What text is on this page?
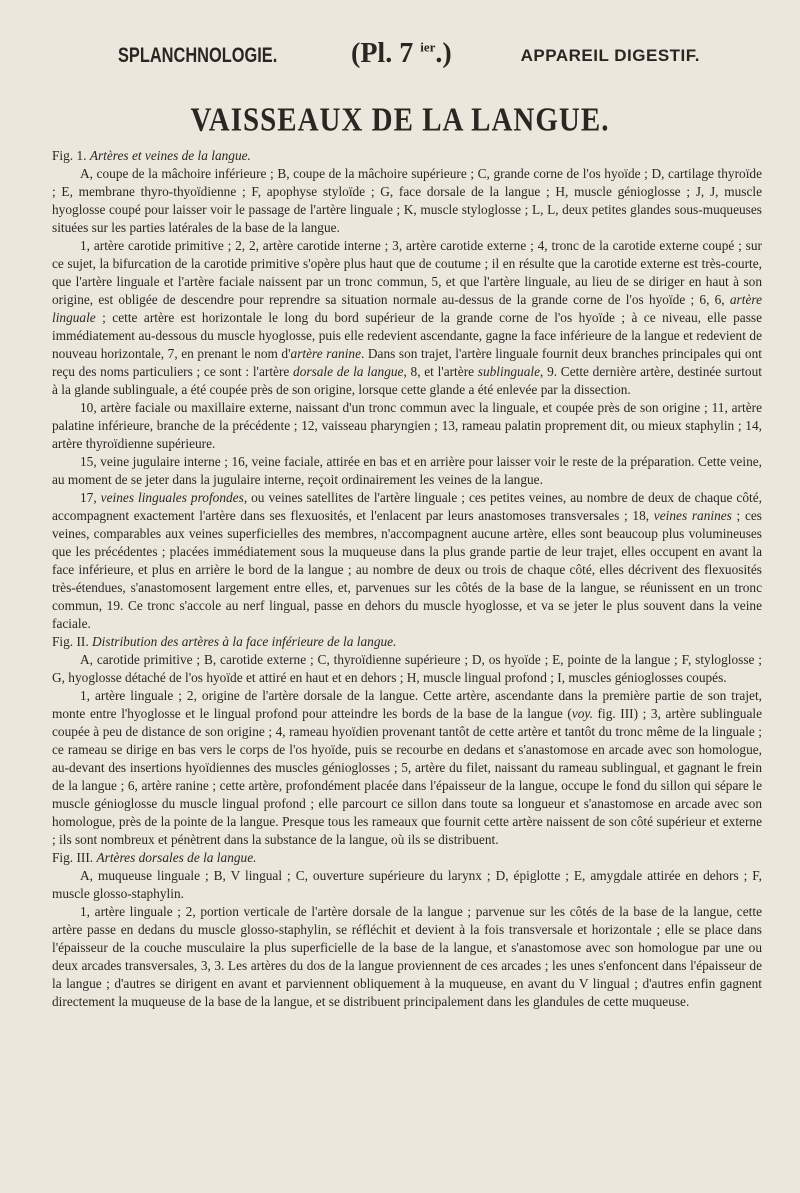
SPLANCHNOLOGIE.	(Pl. 7 $^{ier}$.)	APPAREIL DIGESTIF.
VAISSEAUX DE LA LANGUE.

Fig. 1. Artères et veines de la langue.

A, coupe de la mâchoire inférieure ; B, coupe de la mâchoire supérieure ; C, grande corne de l'os hyoïde ; D, cartilage thyroïde ; E, membrane thyro-thyoïdienne ; F, apophyse styloïde ; G, face dorsale de la langue ; H, muscle génioglosse ; J, J, muscle hyoglosse coupé pour laisser voir le passage de l'artère linguale ; K, muscle styloglosse ; L, L, deux petites glandes sous-muqueuses situées sur les parties latérales de la base de la langue.

1, artère carotide primitive ; 2, 2, artère carotide interne ; 3, artère carotide externe ; 4, tronc de la carotide externe coupé ; sur ce sujet, la bifurcation de la carotide primitive s'opère plus haut que de coutume ; il en résulte que la carotide externe est très-courte, que l'artère linguale et l'artère faciale naissent par un tronc commun, 5, et que l'artère linguale, au lieu de se diriger en haut à son origine, est obligée de descendre pour reprendre sa situation normale au-dessus de la grande corne de l'os hyoïde ; 6, 6, artère linguale ; cette artère est horizontale le long du bord supérieur de la grande corne de l'os hyoïde ; à ce niveau, elle passe immédiatement au-dessous du muscle hyoglosse, puis elle redevient ascendante, gagne la face inférieure de la langue et redevient de nouveau horizontale, 7, en prenant le nom d'artère ranine. Dans son trajet, l'artère linguale fournit deux branches principales qui ont reçu des noms particuliers ; ce sont : l'artère dorsale de la langue, 8, et l'artère sublinguale, 9. Cette dernière artère, destinée surtout à la glande sublinguale, a été coupée près de son origine, lorsque cette glande a été enlevée par la dissection.

10, artère faciale ou maxillaire externe, naissant d'un tronc commun avec la linguale, et coupée près de son origine ; 11, artère palatine inférieure, branche de la précédente ; 12, vaisseau pharyngien ; 13, rameau palatin proprement dit, ou mieux staphylin ; 14, artère thyroïdienne supérieure.

15, veine jugulaire interne ; 16, veine faciale, attirée en bas et en arrière pour laisser voir le reste de la préparation. Cette veine, au moment de se jeter dans la jugulaire interne, reçoit ordinairement les veines de la langue.

17, veines linguales profondes, ou veines satellites de l'artère linguale ; ces petites veines, au nombre de deux de chaque côté, accompagnent exactement l'artère dans ses flexuosités, et l'enlacent par leurs anastomoses transversales ; 18, veines ranines ; ces veines, comparables aux veines superficielles des membres, n'accompagnent aucune artère, elles sont beaucoup plus volumineuses que les précédentes ; placées immédiatement sous la muqueuse dans la plus grande partie de leur trajet, elles occupent en avant la face inférieure, et plus en arrière le bord de la langue ; au nombre de deux ou trois de chaque côté, elles décrivent des flexuosités très-étendues, s'anastomosent largement entre elles, et, parvenues sur les côtés de la base de la langue, se réunissent en un tronc commun, 19. Ce tronc s'accole au nerf lingual, passe en dehors du muscle hyoglosse, et va se jeter le plus souvent dans la veine faciale.

Fig. II. Distribution des artères à la face inférieure de la langue.

A, carotide primitive ; B, carotide externe ; C, thyroïdienne supérieure ; D, os hyoïde ; E, pointe de la langue ; F, styloglosse ; G, hyoglosse détaché de l'os hyoïde et attiré en haut et en dehors ; H, muscle lingual profond ; I, muscles génioglosses coupés.

1, artère linguale ; 2, origine de l'artère dorsale de la langue. Cette artère, ascendante dans la première partie de son trajet, monte entre l'hyoglosse et le lingual profond pour atteindre les bords de la base de la langue (voy. fig. III) ; 3, artère sublinguale coupée à peu de distance de son origine ; 4, rameau hyoïdien provenant tantôt de cette artère et tantôt du tronc même de la linguale ; ce rameau se dirige en bas vers le corps de l'os hyoïde, puis se recourbe en dedans et s'anastomose en arcade avec son homologue, au-devant des insertions hyoïdiennes des muscles génioglosses ; 5, artère du filet, naissant du rameau sublingual, et gagnant le frein de la langue ; 6, artère ranine ; cette artère, profondément placée dans l'épaisseur de la langue, occupe le fond du sillon qui sépare le muscle génioglosse du muscle lingual profond ; elle parcourt ce sillon dans toute sa longueur et s'anastomose en arcade avec son homologue, près de la pointe de la langue. Presque tous les rameaux que fournit cette artère naissent de son côté supérieur et externe ; ils sont nombreux et pénètrent dans la substance de la langue, où ils se distribuent.

Fig. III. Artères dorsales de la langue.

A, muqueuse linguale ; B, V lingual ; C, ouverture supérieure du larynx ; D, épiglotte ; E, amygdale attirée en dehors ; F, muscle glosso-staphylin.

1, artère linguale ; 2, portion verticale de l'artère dorsale de la langue ; parvenue sur les côtés de la base de la langue, cette artère passe en dedans du muscle glosso-staphylin, se réfléchit et devient à la fois transversale et horizontale ; elle se place dans l'épaisseur de la couche musculaire la plus superficielle de la base de la langue, et s'anastomose avec son homologue par une ou deux arcades transversales, 3, 3. Les artères du dos de la langue proviennent de ces arcades ; les unes s'enfoncent dans l'épaisseur de la langue ; d'autres se dirigent en avant et parviennent obliquement à la muqueuse, en avant du V lingual ; d'autres enfin gagnent directement la muqueuse de la base de la langue, et se distribuent principalement dans les glandules de cette muqueuse.
